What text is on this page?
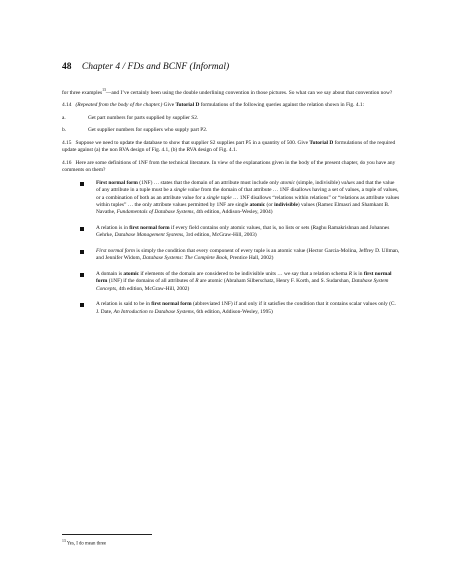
48 Chapter 4 / FDs and BCNF (Informal)

for three examples$^{13}$—and I’ve certainly been using the double underlining convention in those pictures. So what can we say about that convention now?

4.14 (Repeated from the body of the chapter.) Give Tutorial D formulations of the following queries against the relation shown in Fig. 4.1:

a.	Get part numbers for parts supplied by supplier S2.
b.	Get supplier numbers for suppliers who supply part P2.

4.15 Suppose we need to update the database to show that supplier S2 supplies part P5 in a quantity of 500. Give Tutorial D formulations of the required update against (a) the non RVA design of Fig. 4.1, (b) the RVA design of Fig. 4.1.

4.16 Here are some definitions of 1NF from the technical literature. In view of the explanations given in the body of the present chapter, do you have any comments on them?

First normal form (1NF) … states that the domain of an attribute must include only atomic (simple, indivisible) values and that the value of any attribute in a tuple must be a single value from the domain of that attribute … 1NF disallows having a set of values, a tuple of values, or a combination of both as an attribute value for a single tuple … 1NF disallows “relations within relations” or “relations as attribute values within tuples” … the only attribute values permitted by 1NF are single atomic (or indivisible) values (Ramez Elmasri and Shamkant B. Navathe, Fundamentals of Database Systems, 4th edition, Addison-Wesley, 2004)
A relation is in first normal form if every field contains only atomic values, that is, no lists or sets (Raghu Ramakrishnan and Johannes Gehrke, Database Management Systems, 3rd edition, McGraw-Hill, 2003)
First normal form is simply the condition that every component of every tuple is an atomic value (Hector Garcia-Molina, Jeffrey D. Ullman, and Jennifer Widom, Database Systems: The Complete Book, Prentice Hall, 2002)
A domain is atomic if elements of the domain are considered to be indivisible units … we say that a relation schema R is in first normal form (1NF) if the domains of all attributes of R are atomic (Abraham Silberschatz, Henry F. Korth, and S. Sudarshan, Database System Concepts, 4th edition, McGraw-Hill, 2002)
A relation is said to be in first normal form (abbreviated 1NF) if and only if it satisfies the condition that it contains scalar values only (C. J. Date, An Introduction to Database Systems, 6th edition, Addison-Wesley, 1995)
$^{13}$ Yes, I do mean three
